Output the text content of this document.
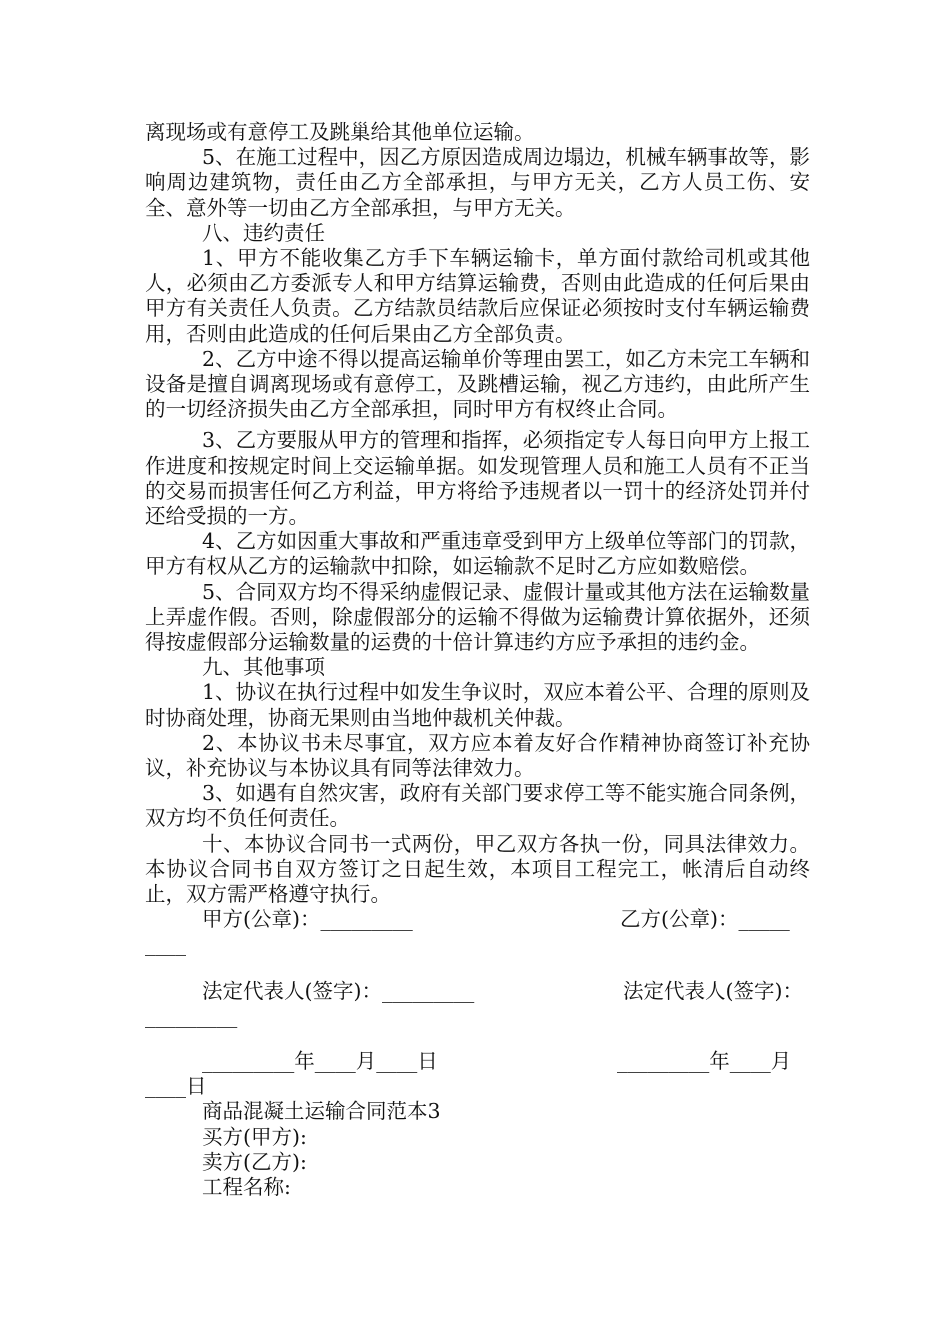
离现场或有意停工及跳巢给其他单位运输。

5、在施工过程中，因乙方原因造成周边塌边，机械车辆事故等，影响周边建筑物，责任由乙方全部承担，与甲方无关，乙方人员工伤、安全、意外等一切由乙方全部承担，与甲方无关。

八、违约责任

1、甲方不能收集乙方手下车辆运输卡，单方面付款给司机或其他人，必须由乙方委派专人和甲方结算运输费，否则由此造成的任何后果由甲方有关责任人负责。乙方结款员结款后应保证必须按时支付车辆运输费用，否则由此造成的任何后果由乙方全部负责。

2、乙方中途不得以提高运输单价等理由罢工，如乙方未完工车辆和设备是擅自调离现场或有意停工，及跳槽运输，视乙方违约，由此所产生的一切经济损失由乙方全部承担，同时甲方有权终止合同。

3、乙方要服从甲方的管理和指挥，必须指定专人每日向甲方上报工作进度和按规定时间上交运输单据。如发现管理人员和施工人员有不正当的交易而损害任何乙方利益，甲方将给予违规者以一罚十的经济处罚并付还给受损的一方。

4、乙方如因重大事故和严重违章受到甲方上级单位等部门的罚款，甲方有权从乙方的运输款中扣除，如运输款不足时乙方应如数赔偿。

5、合同双方均不得采纳虚假记录、虚假计量或其他方法在运输数量上弄虚作假。否则，除虚假部分的运输不得做为运输费计算依据外，还须得按虚假部分运输数量的运费的十倍计算违约方应予承担的违约金。

九、其他事项

1、协议在执行过程中如发生争议时，双应本着公平、合理的原则及时协商处理，协商无果则由当地仲裁机关仲裁。

2、本协议书未尽事宜，双方应本着友好合作精神协商签订补充协议，补充协议与本协议具有同等法律效力。

3、如遇有自然灾害，政府有关部门要求停工等不能实施合同条例，双方均不负任何责任。

十、本协议合同书一式两份，甲乙双方各执一份，同具法律效力。本协议合同书自双方签订之日起生效，本项目工程完工，帐清后自动终止，双方需严格遵守执行。

甲方(公章)：_________	乙方(公章)：_____
____
法定代表人(签字)：_________	法定代表人(签字)：
_________
_________年____月____日	_________年____月
____日

商品混凝土运输合同范本3

买方(甲方):

卖方(乙方):

工程名称:
